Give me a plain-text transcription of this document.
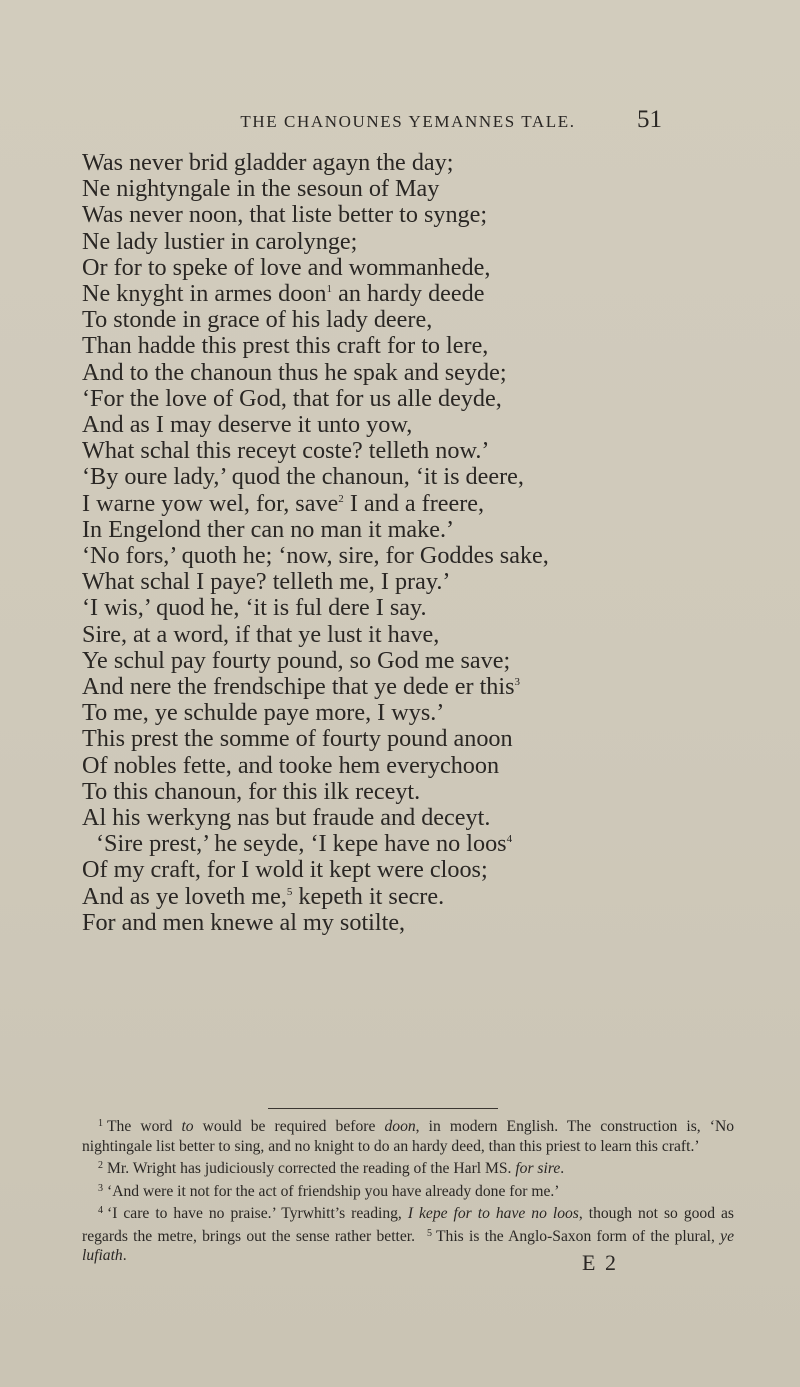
THE CHANOUNES YEMANNES TALE.	51
Was never brid gladder agayn the day;
Ne nightyngale in the sesoun of May
Was never noon, that liste better to synge;
Ne lady lustier in carolynge;
Or for to speke of love and wommanhede,
Ne knyght in armes doon$^1$ an hardy deede
To stonde in grace of his lady deere,
Than hadde this prest this craft for to lere,
And to the chanoun thus he spak and seyde;
‘For the love of God, that for us alle deyde,
And as I may deserve it unto yow,
What schal this receyt coste? telleth now.’
‘By oure lady,’ quod the chanoun, ‘it is deere,
I warne yow wel, for, save$^2$ I and a freere,
In Engelond ther can no man it make.’
‘No fors,’ quoth he; ‘now, sire, for Goddes sake,
What schal I paye? telleth me, I pray.’
‘I wis,’ quod he, ‘it is ful dere I say.
Sire, at a word, if that ye lust it have,
Ye schul pay fourty pound, so God me save;
And nere the frendschipe that ye dede er this$^3$
To me, ye schulde paye more, I wys.’
This prest the somme of fourty pound anoon
Of nobles fette, and tooke hem everychoon
To this chanoun, for this ilk receyt.
Al his werkyng nas but fraude and deceyt.
‘Sire prest,’ he seyde, ‘I kepe have no loos$^4$
Of my craft, for I wold it kept were cloos;
And as ye loveth me,$^5$ kepeth it secre.
For and men knewe al my sotilte,
$^1$ The word to would be required before doon, in modern English. The construction is, ‘No nightingale list better to sing, and no knight to do an hardy deed, than this priest to learn this craft.’
$^2$ Mr. Wright has judiciously corrected the reading of the Harl MS. for sire.
$^3$ ‘And were it not for the act of friendship you have already done for me.’
$^4$ ‘I care to have no praise.’ Tyrwhitt’s reading, I kepe for to have no loos, though not so good as regards the metre, brings out the sense rather better. $^5$ This is the Anglo-Saxon form of the plural, ye lufiath.	E 2
